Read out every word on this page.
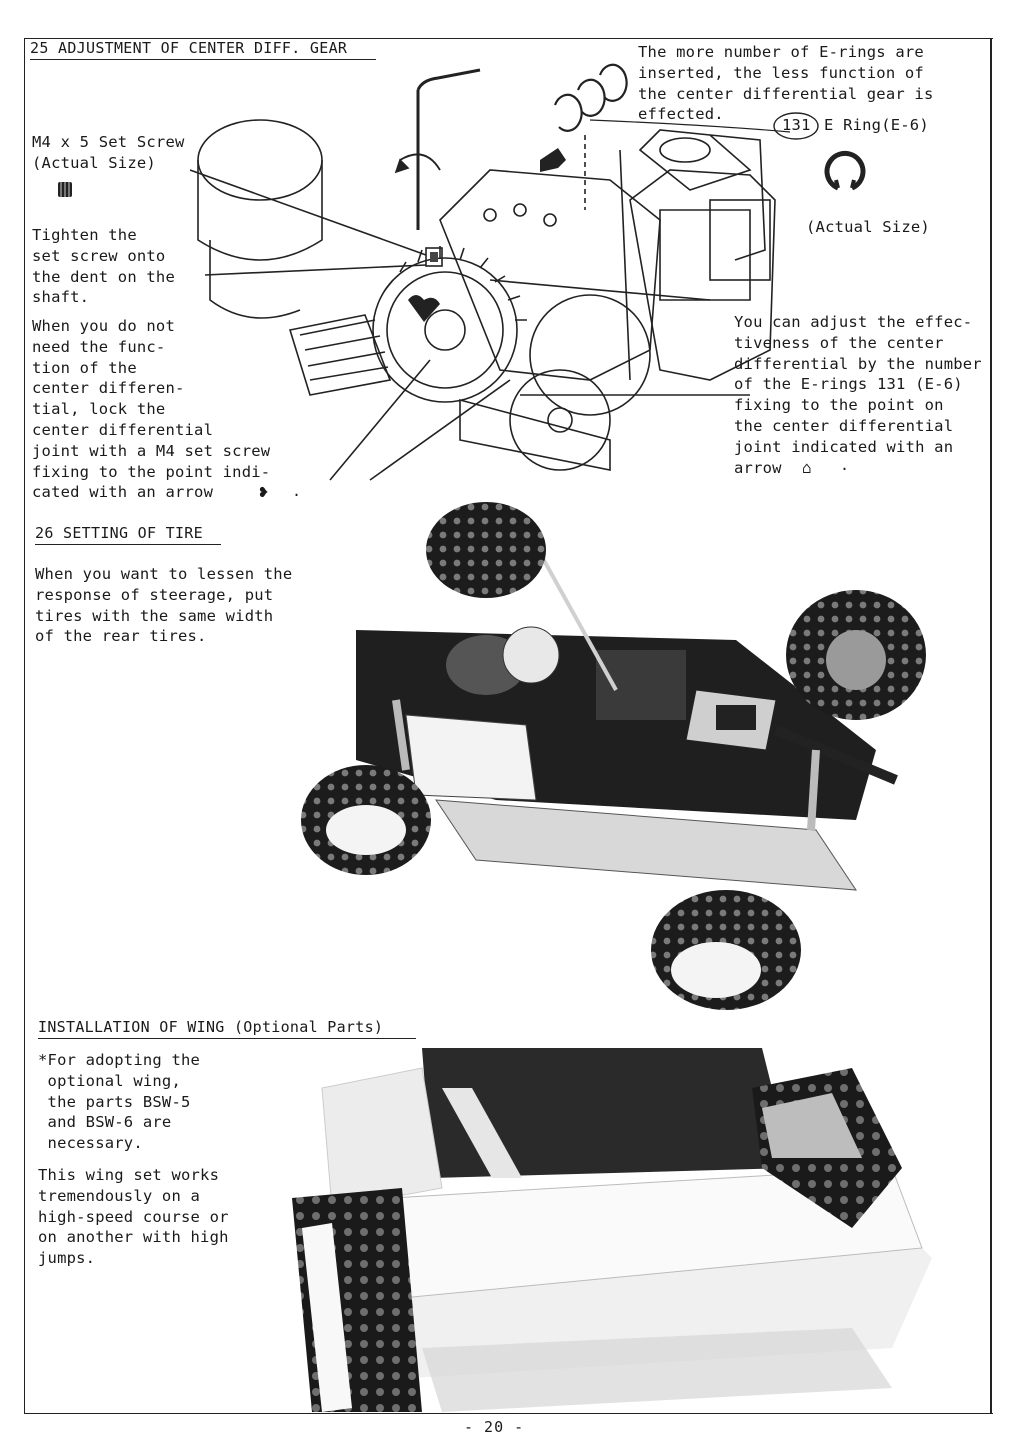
25 ADJUSTMENT OF CENTER DIFF. GEAR
M4 x 5 Set Screw
(Actual Size)
Tighten the
set screw onto
the dent on the
shaft.
When you do not
need the func-
tion of the
center differen-
tial, lock the
center differential
joint with a M4 set screw
fixing to the point indi-
cated with an arrow	❥ .
The more number of E-rings are
inserted, the less function of
the center differential gear is
effected.
131 E Ring(E-6)
(Actual Size)
You can adjust the effec-
tiveness of the center
differential by the number
of the E-rings 131 (E-6)
fixing to the point on
the center differential
joint indicated with an
arrow	⌂ .
26 SETTING OF TIRE
When you want to lessen the
response of steerage, put
tires with the same width
of the rear tires.
INSTALLATION OF WING (Optional Parts)
*For adopting the
optional wing,
the parts BSW-5
and BSW-6 are
necessary.
This wing set works
tremendously on a
high-speed course or
on another with high
jumps.
- 20 -
